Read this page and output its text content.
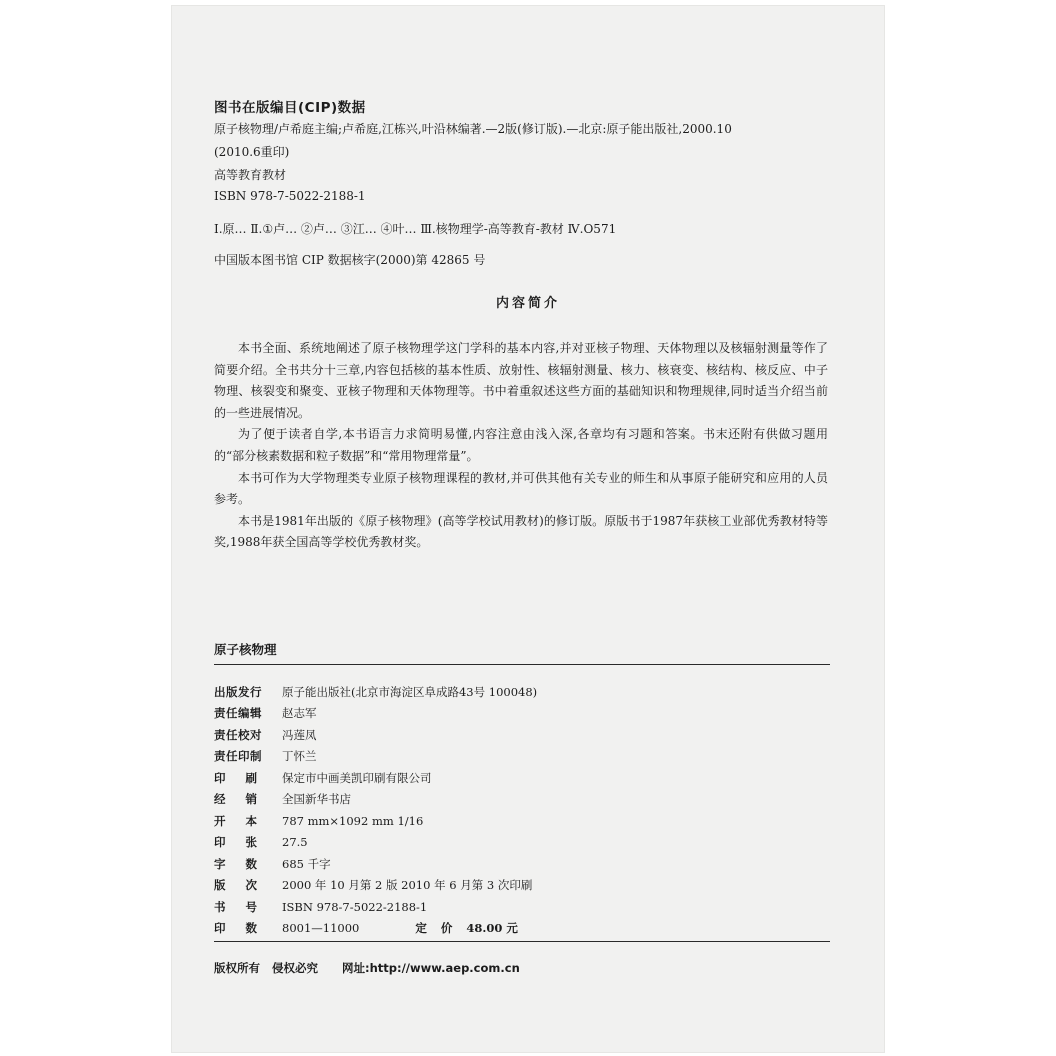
图书在版编目(CIP)数据
原子核物理/卢希庭主编;卢希庭,江栋兴,叶沿林编著.—2版(修订版).—北京:原子能出版社,2000.10
(2010.6重印)
高等教育教材
ISBN 978-7-5022-2188-1
Ⅰ.原… Ⅱ.①卢… ②卢… ③江… ④叶… Ⅲ.核物理学-高等教育-教材 Ⅳ.O571
中国版本图书馆 CIP 数据核字(2000)第 42865 号
内容简介

本书全面、系统地阐述了原子核物理学这门学科的基本内容,并对亚核子物理、天体物理以及核辐射测量等作了简要介绍。全书共分十三章,内容包括核的基本性质、放射性、核辐射测量、核力、核衰变、核结构、核反应、中子物理、核裂变和聚变、亚核子物理和天体物理等。书中着重叙述这些方面的基础知识和物理规律,同时适当介绍当前的一些进展情况。

为了便于读者自学,本书语言力求简明易懂,内容注意由浅入深,各章均有习题和答案。书末还附有供做习题用的“部分核素数据和粒子数据”和“常用物理常量”。

本书可作为大学物理类专业原子核物理课程的教材,并可供其他有关专业的师生和从事原子能研究和应用的人员参考。

本书是1981年出版的《原子核物理》(高等学校试用教材)的修订版。原版书于1987年获核工业部优秀教材特等奖,1988年获全国高等学校优秀教材奖。

原子核物理
出版发行	原子能出版社(北京市海淀区阜成路43号 100048)
责任编辑	赵志军
责任校对	冯莲凤
责任印制	丁怀兰
印刷 保定市中画美凯印刷有限公司
经销 全国新华书店
开本 787 mm×1092 mm 1/16
印张 27.5
字数 685 千字
版次 2000 年 10 月第 2 版 2010 年 6 月第 3 次印刷
书号 ISBN 978-7-5022-2188-1
印数 8001—11000	定价 48.00 元
版权所有 侵权必究 网址:http://www.aep.com.cn
